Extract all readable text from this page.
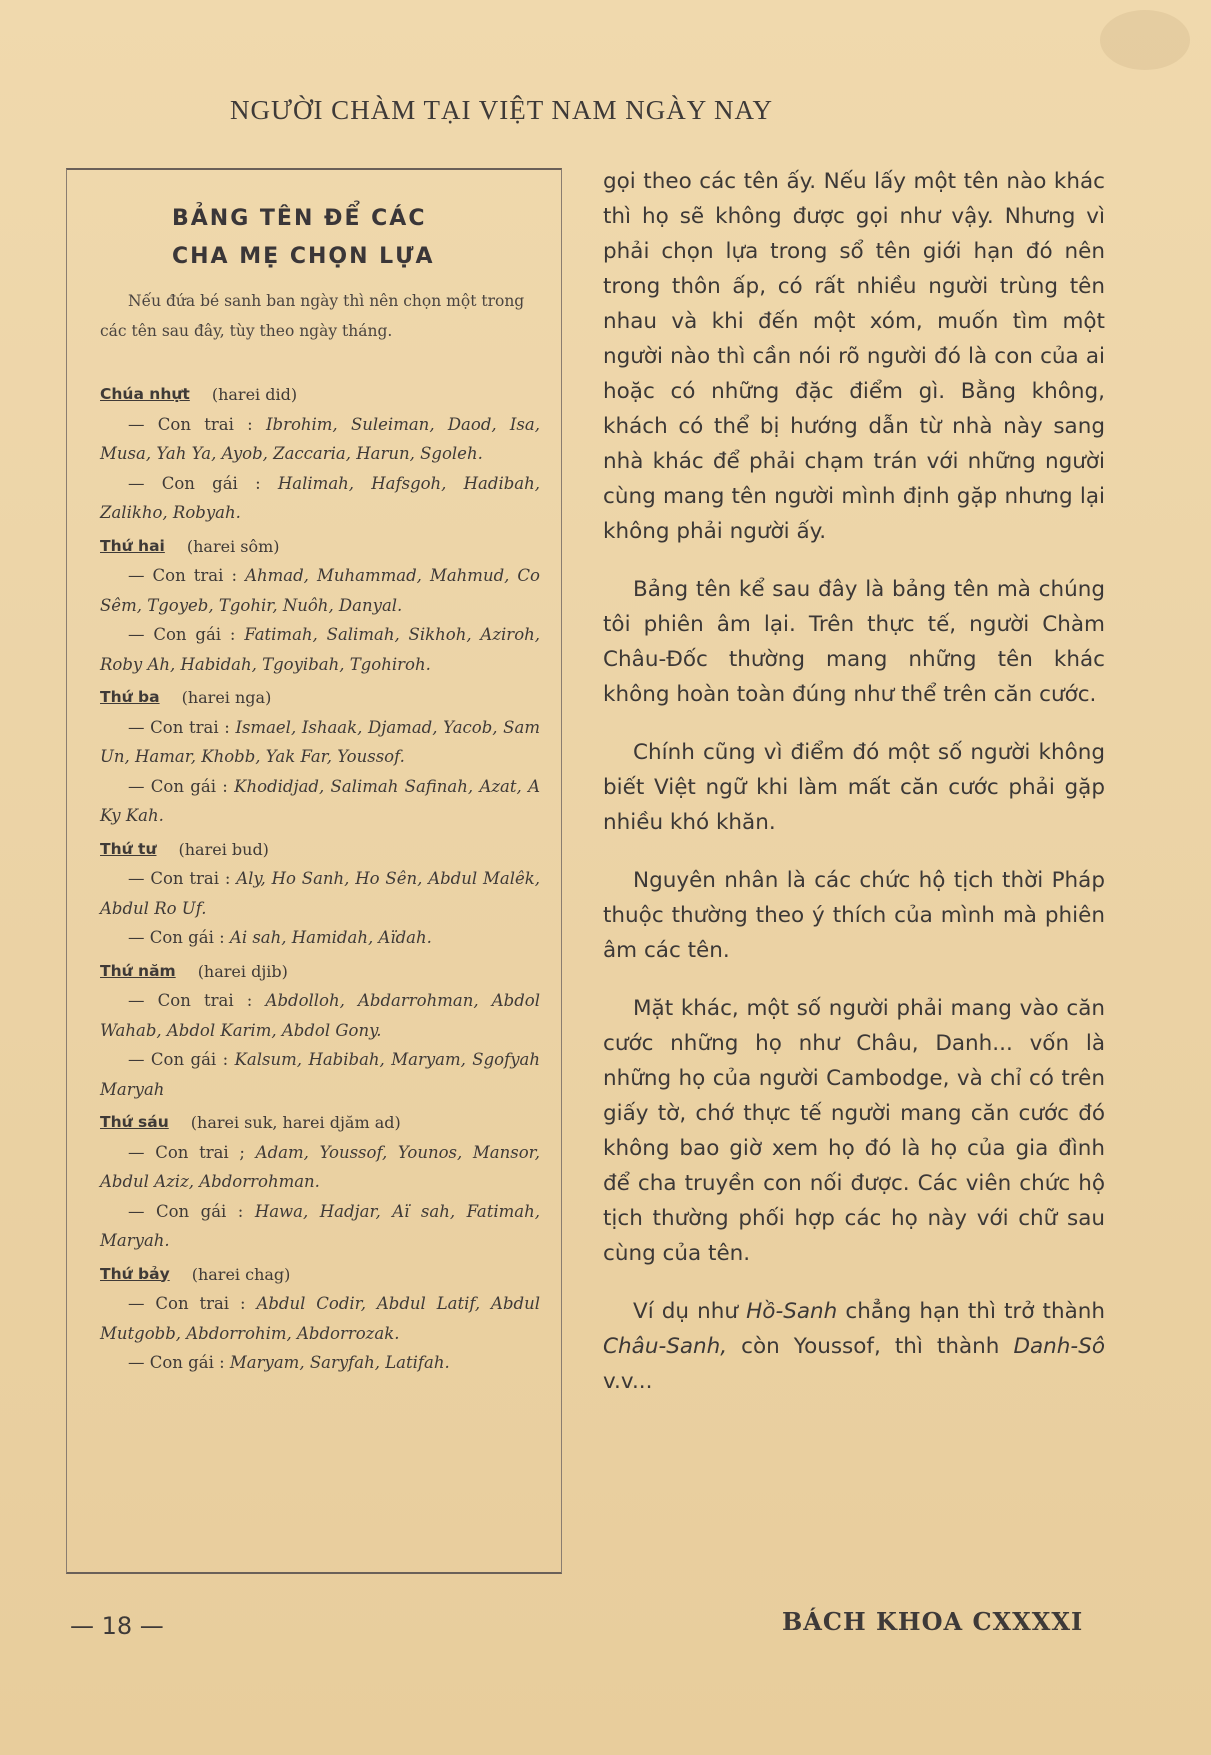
NGƯỜI CHÀM TẠI VIỆT NAM NGÀY NAY
BẢNG TÊN ĐỂ CÁC
CHA MẸ CHỌN LỰA
Nếu đứa bé sanh ban ngày thì nên chọn một trong các tên sau đây, tùy theo ngày tháng.
Chúa nhựt (harei did)
— Con trai : Ibrohim, Suleiman, Daod, Isa, Musa, Yah Ya, Ayob, Zaccaria, Harun, Sgoleh.
— Con gái : Halimah, Hafsgoh, Hadibah, Zalikho, Robyah.
Thứ hai (harei sôm)
— Con trai : Ahmad, Muhammad, Mahmud, Co Sêm, Tgoyeb, Tgohir, Nuôh, Danyal.
— Con gái : Fatimah, Salimah, Sikhoh, Aziroh, Roby Ah, Habidah, Tgoyibah, Tgohiroh.
Thứ ba (harei nga)
— Con trai : Ismael, Ishaak, Djamad, Yacob, Sam Un, Hamar, Khobb, Yak Far, Youssof.
— Con gái : Khodidjad, Salimah Safinah, Azat, A Ky Kah.
Thứ tư (harei bud)
— Con trai : Aly, Ho Sanh, Ho Sên, Abdul Malêk, Abdul Ro Uf.
— Con gái : Ai sah, Hamidah, Aïdah.
Thứ năm (harei djib)
— Con trai : Abdolloh, Abdarrohman, Abdol Wahab, Abdol Karim, Abdol Gony.
— Con gái : Kalsum, Habibah, Maryam, Sgofyah Maryah
Thứ sáu (harei suk, harei djăm ad)
— Con trai ; Adam, Youssof, Younos, Mansor, Abdul Aziz, Abdorrohman.
— Con gái : Hawa, Hadjar, Aï sah, Fatimah, Maryah.
Thứ bảy (harei chag)
— Con trai : Abdul Codir, Abdul Latif, Abdul Mutgobb, Abdorrohim, Abdorrozak.
— Con gái : Maryam, Saryfah, Latifah.

gọi theo các tên ấy. Nếu lấy một tên nào khác thì họ sẽ không được gọi như vậy. Nhưng vì phải chọn lựa trong sổ tên giới hạn đó nên trong thôn ấp, có rất nhiều người trùng tên nhau và khi đến một xóm, muốn tìm một người nào thì cần nói rõ người đó là con của ai hoặc có những đặc điểm gì. Bằng không, khách có thể bị hướng dẫn từ nhà này sang nhà khác để phải chạm trán với những người cùng mang tên người mình định gặp nhưng lại không phải người ấy.

Bảng tên kể sau đây là bảng tên mà chúng tôi phiên âm lại. Trên thực tế, người Chàm Châu-Đốc thường mang những tên khác không hoàn toàn đúng như thể trên căn cước.

Chính cũng vì điểm đó một số người không biết Việt ngữ khi làm mất căn cước phải gặp nhiều khó khăn.

Nguyên nhân là các chức hộ tịch thời Pháp thuộc thường theo ý thích của mình mà phiên âm các tên.

Mặt khác, một số người phải mang vào căn cước những họ như Châu, Danh... vốn là những họ của người Cambodge, và chỉ có trên giấy tờ, chớ thực tế người mang căn cước đó không bao giờ xem họ đó là họ của gia đình để cha truyền con nối được. Các viên chức hộ tịch thường phối hợp các họ này với chữ sau cùng của tên.

Ví dụ như Hồ-Sanh chẳng hạn thì trở thành Châu-Sanh, còn Youssof, thì thành Danh-Sô v.v...

— 18 —	BÁCH KHOA CXXXXI
